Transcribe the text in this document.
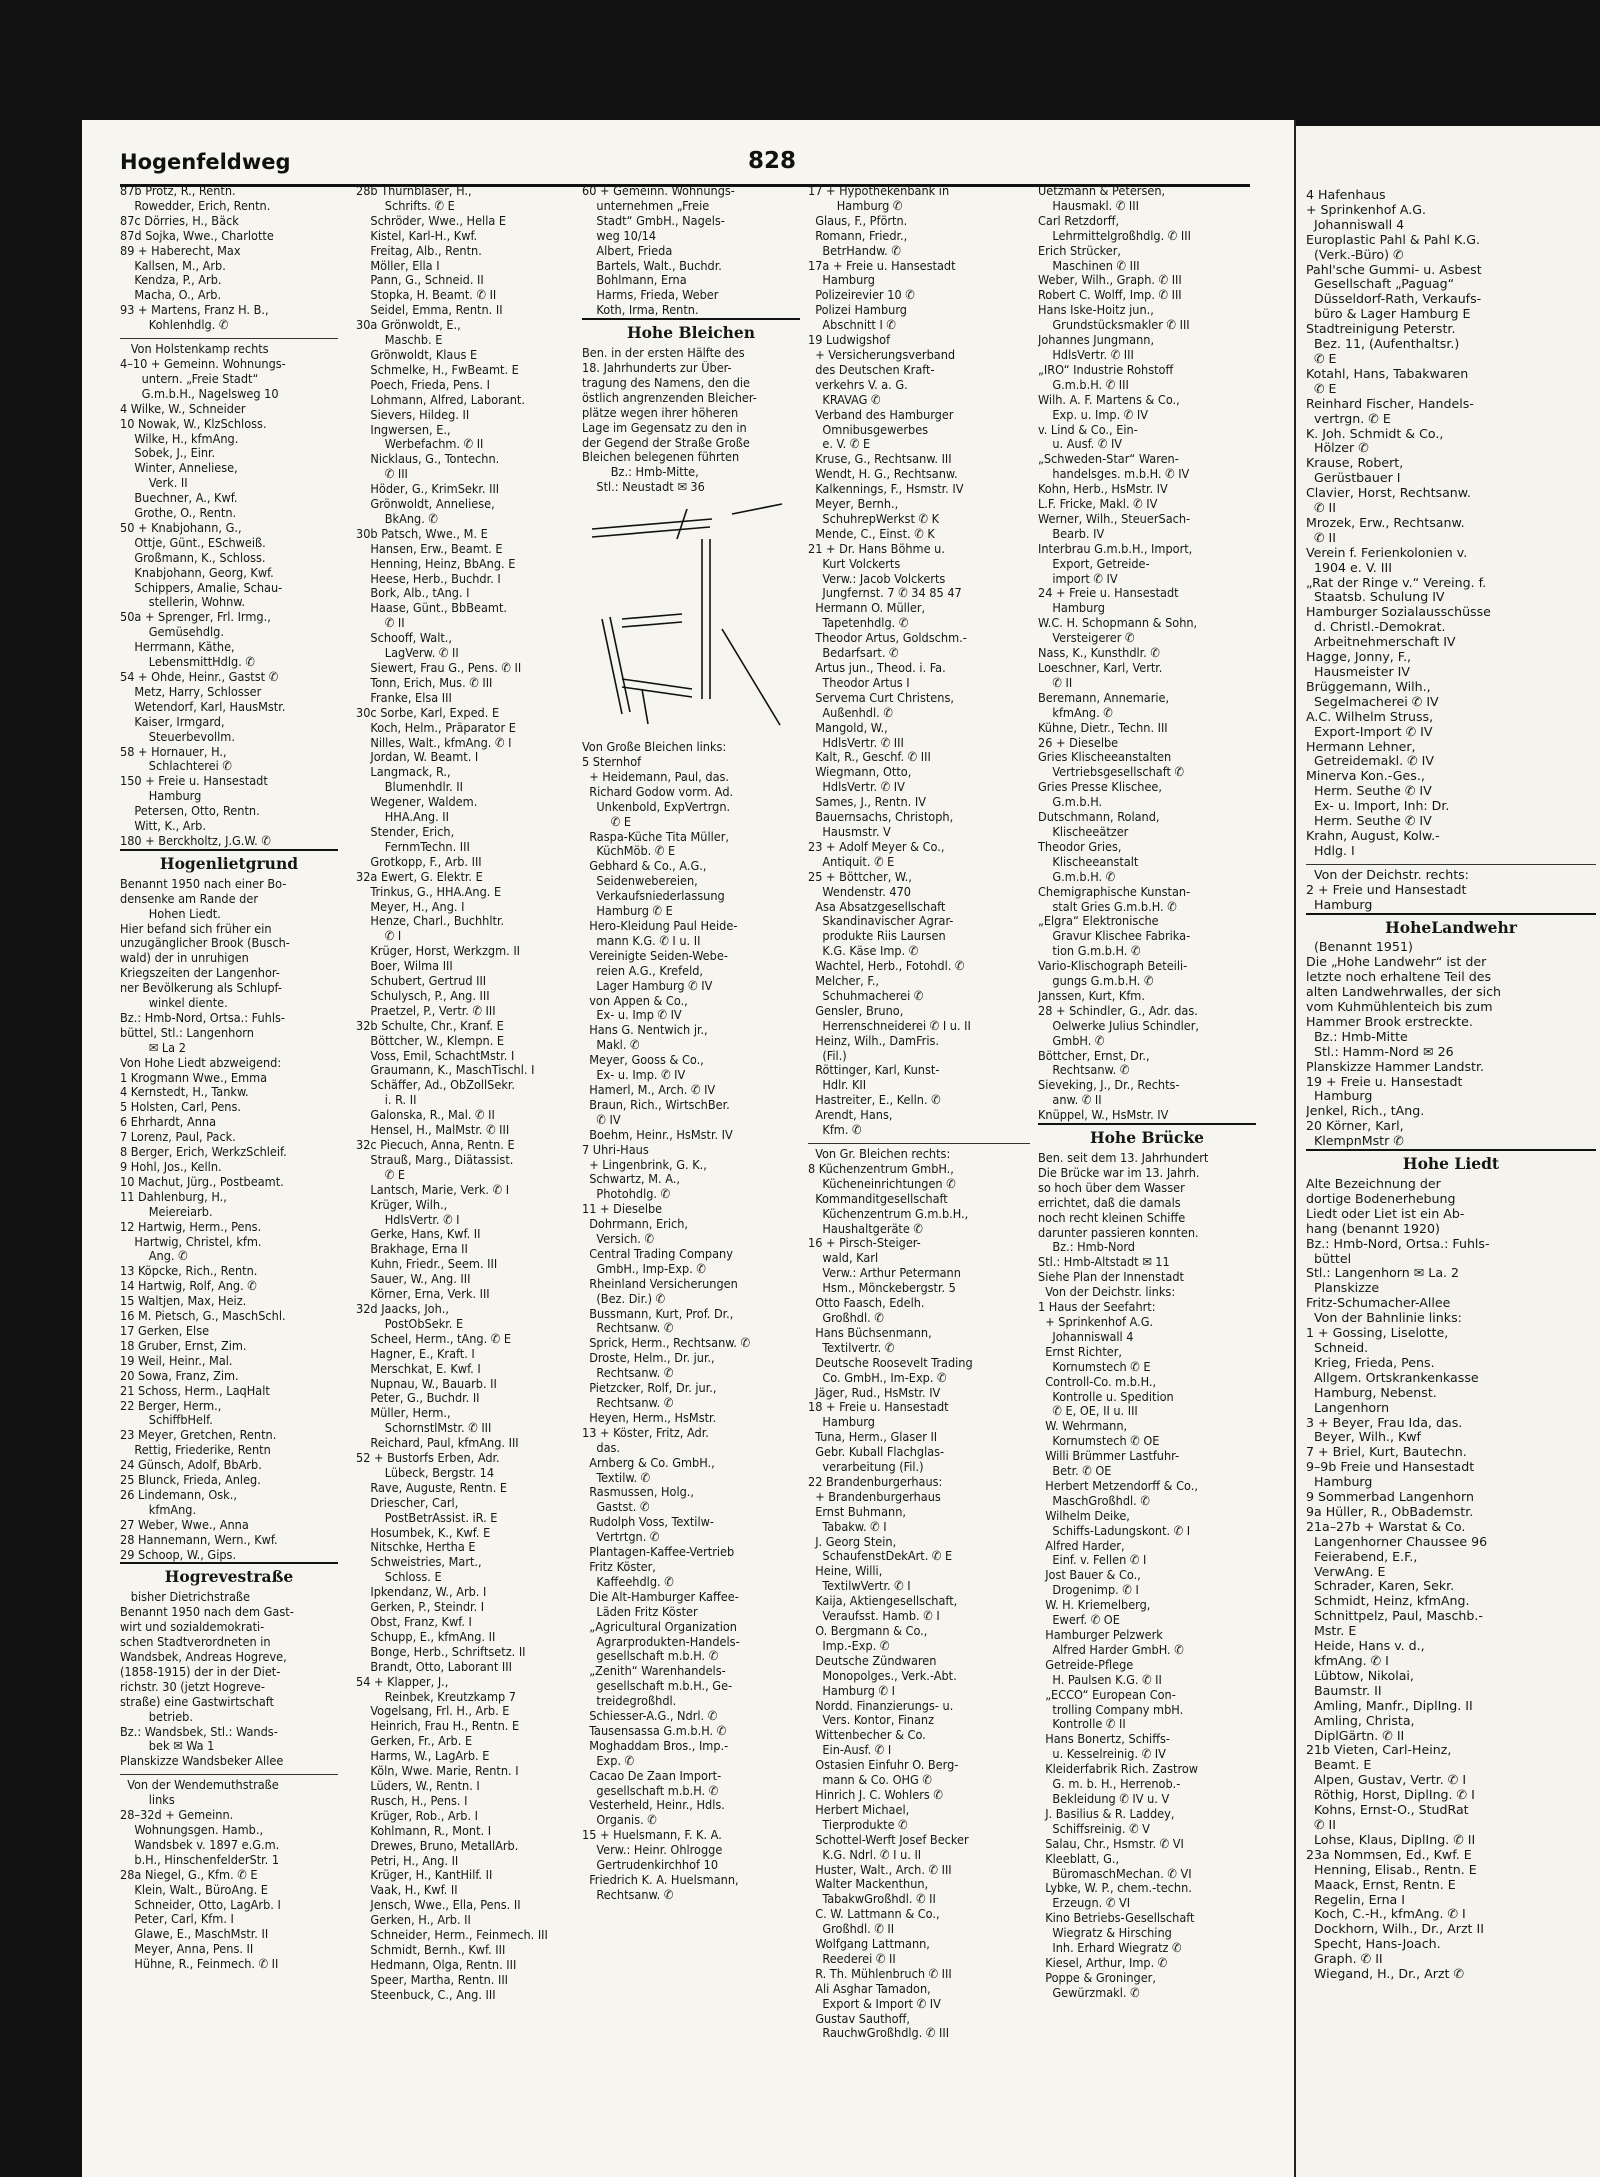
Hogenfeldweg	828

87b Protz, R., Rentn.

Rowedder, Erich, Rentn.

87c Dörries, H., Bäck

87d Sojka, Wwe., Charlotte

89 + Haberecht, Max

Kallsen, M., Arb.

Kendza, P., Arb.

Macha, O., Arb.

93 + Martens, Franz H. B.,

Kohlenhdlg. ✆

Von Holstenkamp rechts

4–10 + Gemeinn. Wohnungs-

untern. „Freie Stadt“

G.m.b.H., Nagelsweg 10

4 Wilke, W., Schneider

10 Nowak, W., KlzSchloss.

Wilke, H., kfmAng.

Sobek, J., Einr.

Winter, Anneliese,

Verk. II

Buechner, A., Kwf.

Grothe, O., Rentn.

50 + Knabjohann, G.,

Ottje, Günt., ESchweiß.

Großmann, K., Schloss.

Knabjohann, Georg, Kwf.

Schippers, Amalie, Schau-

stellerin, Wohnw.

50a + Sprenger, Frl. Irmg.,

Gemüsehdlg.

Herrmann, Käthe,

LebensmittHdlg. ✆

54 + Ohde, Heinr., Gastst ✆

Metz, Harry, Schlosser

Wetendorf, Karl, HausMstr.

Kaiser, Irmgard,

Steuerbevollm.

58 + Hornauer, H.,

Schlachterei ✆

150 + Freie u. Hansestadt

Hamburg

Petersen, Otto, Rentn.

Witt, K., Arb.

180 + Berckholtz, J.G.W. ✆

Hogenlietgrund

Benannt 1950 nach einer Bo-

densenke am Rande der

Hohen Liedt.

Hier befand sich früher ein

unzugänglicher Brook (Busch-

wald) der in unruhigen

Kriegszeiten der Langenhor-

ner Bevölkerung als Schlupf-

winkel diente.

Bz.: Hmb-Nord, Ortsa.: Fuhls-

büttel, Stl.: Langenhorn

✉ La 2

Von Hohe Liedt abzweigend:

1 Krogmann Wwe., Emma

4 Kernstedt, H., Tankw.

5 Holsten, Carl, Pens.

6 Ehrhardt, Anna

7 Lorenz, Paul, Pack.

8 Berger, Erich, WerkzSchleif.

9 Hohl, Jos., Kelln.

10 Machut, Jürg., Postbeamt.

11 Dahlenburg, H.,

Meiereiarb.

12 Hartwig, Herm., Pens.

Hartwig, Christel, kfm.

Ang. ✆

13 Köpcke, Rich., Rentn.

14 Hartwig, Rolf, Ang. ✆

15 Waltjen, Max, Heiz.

16 M. Pietsch, G., MaschSchl.

17 Gerken, Else

18 Gruber, Ernst, Zim.

19 Weil, Heinr., Mal.

20 Sowa, Franz, Zim.

21 Schoss, Herm., LaqHalt

22 Berger, Herm.,

SchiffbHelf.

23 Meyer, Gretchen, Rentn.

Rettig, Friederike, Rentn

24 Günsch, Adolf, BbArb.

25 Blunck, Frieda, Anleg.

26 Lindemann, Osk.,

kfmAng.

27 Weber, Wwe., Anna

28 Hannemann, Wern., Kwf.

29 Schoop, W., Gips.

Hogrevestraße

bisher Dietrichstraße

Benannt 1950 nach dem Gast-

wirt und sozialdemokrati-

schen Stadtverordneten in

Wandsbek, Andreas Hogreve,

(1858-1915) der in der Diet-

richstr. 30 (jetzt Hogreve-

straße) eine Gastwirtschaft

betrieb.

Bz.: Wandsbek, Stl.: Wands-

bek ✉ Wa 1

Planskizze Wandsbeker Allee

Von der Wendemuthstraße

links

28–32d + Gemeinn.

Wohnungsgen. Hamb.,

Wandsbek v. 1897 e.G.m.

b.H., HinschenfelderStr. 1

28a Niegel, G., Kfm. ✆ E

Klein, Walt., BüroAng. E

Schneider, Otto, LagArb. I

Peter, Carl, Kfm. I

Glawe, E., MaschMstr. II

Meyer, Anna, Pens. II

Hühne, R., Feinmech. ✆ II

28b Thurnbläser, H.,

Schrifts. ✆ E

Schröder, Wwe., Hella E

Kistel, Karl-H., Kwf.

Freitag, Alb., Rentn.

Möller, Ella I

Pann, G., Schneid. II

Stopka, H. Beamt. ✆ II

Seidel, Emma, Rentn. II

30a Grönwoldt, E.,

Maschb. E

Grönwoldt, Klaus E

Schmelke, H., FwBeamt. E

Poech, Frieda, Pens. I

Lohmann, Alfred, Laborant.

Sievers, Hildeg. II

Ingwersen, E.,

Werbefachm. ✆ II

Nicklaus, G., Tontechn.

✆ III

Höder, G., KrimSekr. III

Grönwoldt, Anneliese,

BkAng. ✆

30b Patsch, Wwe., M. E

Hansen, Erw., Beamt. E

Henning, Heinz, BbAng. E

Heese, Herb., Buchdr. I

Bork, Alb., tAng. I

Haase, Günt., BbBeamt.

✆ II

Schooff, Walt.,

LagVerw. ✆ II

Siewert, Frau G., Pens. ✆ II

Tonn, Erich, Mus. ✆ III

Franke, Elsa III

30c Sorbe, Karl, Exped. E

Koch, Helm., Präparator E

Nilles, Walt., kfmAng. ✆ I

Jordan, W. Beamt. I

Langmack, R.,

Blumenhdlr. II

Wegener, Waldem.

HHA.Ang. II

Stender, Erich,

FernmTechn. III

Grotkopp, F., Arb. III

32a Ewert, G. Elektr. E

Trinkus, G., HHA.Ang. E

Meyer, H., Ang. I

Henze, Charl., Buchhltr.

✆ I

Krüger, Horst, Werkzgm. II

Boer, Wilma III

Schubert, Gertrud III

Schulysch, P., Ang. III

Praetzel, P., Vertr. ✆ III

32b Schulte, Chr., Kranf. E

Böttcher, W., Klempn. E

Voss, Emil, SchachtMstr. I

Graumann, K., MaschTischl. I

Schäffer, Ad., ObZollSekr.

i. R. II

Galonska, R., Mal. ✆ II

Hensel, H., MalMstr. ✆ III

32c Piecuch, Anna, Rentn. E

Strauß, Marg., Diätassist.

✆ E

Lantsch, Marie, Verk. ✆ I

Krüger, Wilh.,

HdlsVertr. ✆ I

Gerke, Hans, Kwf. II

Brakhage, Erna II

Kuhn, Friedr., Seem. III

Sauer, W., Ang. III

Körner, Erna, Verk. III

32d Jaacks, Joh.,

PostObSekr. E

Scheel, Herm., tAng. ✆ E

Hagner, E., Kraft. I

Merschkat, E. Kwf. I

Nupnau, W., Bauarb. II

Peter, G., Buchdr. II

Müller, Herm.,

SchornstlMstr. ✆ III

Reichard, Paul, kfmAng. III

52 + Bustorfs Erben, Adr.

Lübeck, Bergstr. 14

Rave, Auguste, Rentn. E

Driescher, Carl,

PostBetrAssist. iR. E

Hosumbek, K., Kwf. E

Nitschke, Hertha E

Schweistries, Mart.,

Schloss. E

Ipkendanz, W., Arb. I

Gerken, P., Steindr. I

Obst, Franz, Kwf. I

Schupp, E., kfmAng. II

Bonge, Herb., Schriftsetz. II

Brandt, Otto, Laborant III

54 + Klapper, J.,

Reinbek, Kreutzkamp 7

Vogelsang, Frl. H., Arb. E

Heinrich, Frau H., Rentn. E

Gerken, Fr., Arb. E

Harms, W., LagArb. E

Köln, Wwe. Marie, Rentn. I

Lüders, W., Rentn. I

Rusch, H., Pens. I

Krüger, Rob., Arb. I

Kohlmann, R., Mont. I

Drewes, Bruno, MetallArb.

Petri, H., Ang. II

Krüger, H., KantHilf. II

Vaak, H., Kwf. II

Jensch, Wwe., Ella, Pens. II

Gerken, H., Arb. II

Schneider, Herm., Feinmech. III

Schmidt, Bernh., Kwf. III

Hedmann, Olga, Rentn. III

Speer, Martha, Rentn. III

Steenbuck, C., Ang. III

60 + Gemeinn. Wohnungs-

unternehmen „Freie

Stadt“ GmbH., Nagels-

weg 10/14

Albert, Frieda

Bartels, Walt., Buchdr.

Bohlmann, Erna

Harms, Frieda, Weber

Koth, Irma, Rentn.

Hohe Bleichen

Ben. in der ersten Hälfte des

18. Jahrhunderts zur Über-

tragung des Namens, den die

östlich angrenzenden Bleicher-

plätze wegen ihrer höheren

Lage im Gegensatz zu den in

der Gegend der Straße Große

Bleichen belegenen führten

Bz.: Hmb-Mitte,

Stl.: Neustadt ✉ 36

Von Große Bleichen links:

5 Sternhof

+ Heidemann, Paul, das.

Richard Godow vorm. Ad.

Unkenbold, ExpVertrgn.

✆ E

Raspa-Küche Tita Müller,

KüchMöb. ✆ E

Gebhard & Co., A.G.,

Seidenwebereien,

Verkaufsniederlassung

Hamburg ✆ E

Hero-Kleidung Paul Heide-

mann K.G. ✆ I u. II

Vereinigte Seiden-Webe-

reien A.G., Krefeld,

Lager Hamburg ✆ IV

von Appen & Co.,

Ex- u. Imp ✆ IV

Hans G. Nentwich jr.,

Makl. ✆

Meyer, Gooss & Co.,

Ex- u. Imp. ✆ IV

Hamerl, M., Arch. ✆ IV

Braun, Rich., WirtschBer.

✆ IV

Boehm, Heinr., HsMstr. IV

7 Uhri-Haus

+ Lingenbrink, G. K.,

Schwartz, M. A.,

Photohdlg. ✆

11 + Dieselbe

Dohrmann, Erich,

Versich. ✆

Central Trading Company

GmbH., Imp-Exp. ✆

Rheinland Versicherungen

(Bez. Dir.) ✆

Bussmann, Kurt, Prof. Dr.,

Rechtsanw. ✆

Sprick, Herm., Rechtsanw. ✆

Droste, Helm., Dr. jur.,

Rechtsanw. ✆

Pietzcker, Rolf, Dr. jur.,

Rechtsanw. ✆

Heyen, Herm., HsMstr.

13 + Köster, Fritz, Adr.

das.

Arnberg & Co. GmbH.,

Textilw. ✆

Rasmussen, Holg.,

Gastst. ✆

Rudolph Voss, Textilw-

Vertrtgn. ✆

Plantagen-Kaffee-Vertrieb

Fritz Köster,

Kaffeehdlg. ✆

Die Alt-Hamburger Kaffee-

Läden Fritz Köster

„Agricultural Organization

Agrarprodukten-Handels-

gesellschaft m.b.H. ✆

„Zenith“ Warenhandels-

gesellschaft m.b.H., Ge-

treidegroßhdl.

Schiesser-A.G., Ndrl. ✆

Tausensassa G.m.b.H. ✆

Moghaddam Bros., Imp.-

Exp. ✆

Cacao De Zaan Import-

gesellschaft m.b.H. ✆

Vesterheld, Heinr., Hdls.

Organis. ✆

15 + Huelsmann, F. K. A.

Verw.: Heinr. Ohlrogge

Gertrudenkirchhof 10

Friedrich K. A. Huelsmann,

Rechtsanw. ✆

17 + Hypothekenbank in

Hamburg ✆

Glaus, F., Pförtn.

Romann, Friedr.,

BetrHandw. ✆

17a + Freie u. Hansestadt

Hamburg

Polizeirevier 10 ✆

Polizei Hamburg

Abschnitt I ✆

19 Ludwigshof

+ Versicherungsverband

des Deutschen Kraft-

verkehrs V. a. G.

KRAVAG ✆

Verband des Hamburger

Omnibusgewerbes

e. V. ✆ E

Kruse, G., Rechtsanw. III

Wendt, H. G., Rechtsanw.

Kalkennings, F., Hsmstr. IV

Meyer, Bernh.,

SchuhrepWerkst ✆ K

Mende, C., Einst. ✆ K

21 + Dr. Hans Böhme u.

Kurt Volckerts

Verw.: Jacob Volckerts

Jungfernst. 7 ✆ 34 85 47

Hermann O. Müller,

Tapetenhdlg. ✆

Theodor Artus, Goldschm.-

Bedarfsart. ✆

Artus jun., Theod. i. Fa.

Theodor Artus I

Servema Curt Christens,

Außenhdl. ✆

Mangold, W.,

HdlsVertr. ✆ III

Kalt, R., Geschf. ✆ III

Wiegmann, Otto,

HdlsVertr. ✆ IV

Sames, J., Rentn. IV

Bauernsachs, Christoph,

Hausmstr. V

23 + Adolf Meyer & Co.,

Antiquit. ✆ E

25 + Böttcher, W.,

Wendenstr. 470

Asa Absatzgesellschaft

Skandinavischer Agrar-

produkte Riis Laursen

K.G. Käse Imp. ✆

Wachtel, Herb., Fotohdl. ✆

Melcher, F.,

Schuhmacherei ✆

Gensler, Bruno,

Herrenschneiderei ✆ I u. II

Heinz, Wilh., DamFris.

(Fil.)

Röttinger, Karl, Kunst-

Hdlr. KII

Hastreiter, E., Kelln. ✆

Arendt, Hans,

Kfm. ✆

Von Gr. Bleichen rechts:

8 Küchenzentrum GmbH.,

Kücheneinrichtungen ✆

Kommanditgesellschaft

Küchenzentrum G.m.b.H.,

Haushaltgeräte ✆

16 + Pirsch-Steiger-

wald, Karl

Verw.: Arthur Petermann

Hsm., Mönckebergstr. 5

Otto Faasch, Edelh.

Großhdl. ✆

Hans Büchsenmann,

Textilvertr. ✆

Deutsche Roosevelt Trading

Co. GmbH., Im-Exp. ✆

Jäger, Rud., HsMstr. IV

18 + Freie u. Hansestadt

Hamburg

Tuna, Herm., Glaser II

Gebr. Kuball Flachglas-

verarbeitung (Fil.)

22 Brandenburgerhaus:

+ Brandenburgerhaus

Ernst Buhmann,

Tabakw. ✆ I

J. Georg Stein,

SchaufenstDekArt. ✆ E

Heine, Willi,

TextilwVertr. ✆ I

Kaija, Aktiengesellschaft,

Veraufsst. Hamb. ✆ I

O. Bergmann & Co.,

Imp.-Exp. ✆

Deutsche Zündwaren

Monopolges., Verk.-Abt.

Hamburg ✆ I

Nordd. Finanzierungs- u.

Vers. Kontor, Finanz

Wittenbecher & Co.

Ein-Ausf. ✆ I

Ostasien Einfuhr O. Berg-

mann & Co. OHG ✆

Hinrich J. C. Wohlers ✆

Herbert Michael,

Tierprodukte ✆

Schottel-Werft Josef Becker

K.G. Ndrl. ✆ I u. II

Huster, Walt., Arch. ✆ III

Walter Mackenthun,

TabakwGroßhdl. ✆ II

C. W. Lattmann & Co.,

Großhdl. ✆ II

Wolfgang Lattmann,

Reederei ✆ II

R. Th. Mühlenbruch ✆ III

Ali Asghar Tamadon,

Export & Import ✆ IV

Gustav Sauthoff,

RauchwGroßhdlg. ✆ III

Uetzmann & Petersen,

Hausmakl. ✆ III

Carl Retzdorff,

Lehrmittelgroßhdlg. ✆ III

Erich Strücker,

Maschinen ✆ III

Weber, Wilh., Graph. ✆ III

Robert C. Wolff, Imp. ✆ III

Hans Iske-Hoitz jun.,

Grundstücksmakler ✆ III

Johannes Jungmann,

HdlsVertr. ✆ III

„IRO“ Industrie Rohstoff

G.m.b.H. ✆ III

Wilh. A. F. Martens & Co.,

Exp. u. Imp. ✆ IV

v. Lind & Co., Ein-

u. Ausf. ✆ IV

„Schweden-Star“ Waren-

handelsges. m.b.H. ✆ IV

Kohn, Herb., HsMstr. IV

L.F. Fricke, Makl. ✆ IV

Werner, Wilh., SteuerSach-

Bearb. IV

Interbrau G.m.b.H., Import,

Export, Getreide-

import ✆ IV

24 + Freie u. Hansestadt

Hamburg

W.C. H. Schopmann & Sohn,

Versteigerer ✆

Nass, K., Kunsthdlr. ✆

Loeschner, Karl, Vertr.

✆ II

Beremann, Annemarie,

kfmAng. ✆

Kühne, Dietr., Techn. III

26 + Dieselbe

Gries Klischeeanstalten

Vertriebsgesellschaft ✆

Gries Presse Klischee,

G.m.b.H.

Dutschmann, Roland,

Klischeeätzer

Theodor Gries,

Klischeeanstalt

G.m.b.H. ✆

Chemigraphische Kunstan-

stalt Gries G.m.b.H. ✆

„Elgra“ Elektronische

Gravur Klischee Fabrika-

tion G.m.b.H. ✆

Vario-Klischograph Beteili-

gungs G.m.b.H. ✆

Janssen, Kurt, Kfm.

28 + Schindler, G., Adr. das.

Oelwerke Julius Schindler,

GmbH. ✆

Böttcher, Ernst, Dr.,

Rechtsanw. ✆

Sieveking, J., Dr., Rechts-

anw. ✆ II

Knüppel, W., HsMstr. IV

Hohe Brücke

Ben. seit dem 13. Jahrhundert

Die Brücke war im 13. Jahrh.

so hoch über dem Wasser

errichtet, daß die damals

noch recht kleinen Schiffe

darunter passieren konnten.

Bz.: Hmb-Nord

Stl.: Hmb-Altstadt ✉ 11

Siehe Plan der Innenstadt

Von der Deichstr. links:

1 Haus der Seefahrt:

+ Sprinkenhof A.G.

Johanniswall 4

Ernst Richter,

Kornumstech ✆ E

Controll-Co. m.b.H.,

Kontrolle u. Spedition

✆ E, OE, II u. III

W. Wehrmann,

Kornumstech ✆ OE

Willi Brümmer Lastfuhr-

Betr. ✆ OE

Herbert Metzendorff & Co.,

MaschGroßhdl. ✆

Wilhelm Deike,

Schiffs-Ladungskont. ✆ I

Alfred Harder,

Einf. v. Fellen ✆ I

Jost Bauer & Co.,

Drogenimp. ✆ I

W. H. Kriemelberg,

Ewerf. ✆ OE

Hamburger Pelzwerk

Alfred Harder GmbH. ✆

Getreide-Pflege

H. Paulsen K.G. ✆ II

„ECCO“ European Con-

trolling Company mbH.

Kontrolle ✆ II

Hans Bonertz, Schiffs-

u. Kesselreinig. ✆ IV

Kleiderfabrik Rich. Zastrow

G. m. b. H., Herrenob.-

Bekleidung ✆ IV u. V

J. Basilius & R. Laddey,

Schiffsreinig. ✆ V

Salau, Chr., Hsmstr. ✆ VI

Kleeblatt, G.,

BüromaschMechan. ✆ VI

Lybke, W. P., chem.-techn.

Erzeugn. ✆ VI

Kino Betriebs-Gesellschaft

Wiegratz & Hirsching

Inh. Erhard Wiegratz ✆

Kiesel, Arthur, Imp. ✆

Poppe & Groninger,

Gewürzmakl. ✆

4 Hafenhaus

+ Sprinkenhof A.G.

Johanniswall 4

Europlastic Pahl & Pahl K.G.

(Verk.-Büro) ✆

Pahl'sche Gummi- u. Asbest

Gesellschaft „Paguag“

Düsseldorf-Rath, Verkaufs-

büro & Lager Hamburg E

Stadtreinigung Peterstr.

Bez. 11, (Aufenthaltsr.)

✆ E

Kotahl, Hans, Tabakwaren

✆ E

Reinhard Fischer, Handels-

vertrgn. ✆ E

K. Joh. Schmidt & Co.,

Hölzer ✆

Krause, Robert,

Gerüstbauer I

Clavier, Horst, Rechtsanw.

✆ II

Mrozek, Erw., Rechtsanw.

✆ II

Verein f. Ferienkolonien v.

1904 e. V. III

„Rat der Ringe v.“ Vereing. f.

Staatsb. Schulung IV

Hamburger Sozialausschüsse

d. Christl.-Demokrat.

Arbeitnehmerschaft IV

Hagge, Jonny, F.,

Hausmeister IV

Brüggemann, Wilh.,

Segelmacherei ✆ IV

A.C. Wilhelm Struss,

Export-Import ✆ IV

Hermann Lehner,

Getreidemakl. ✆ IV

Minerva Kon.-Ges.,

Herm. Seuthe ✆ IV

Ex- u. Import, Inh: Dr.

Herm. Seuthe ✆ IV

Krahn, August, Kolw.-

Hdlg. I

Von der Deichstr. rechts:

2 + Freie und Hansestadt

Hamburg

HoheLandwehr

(Benannt 1951)

Die „Hohe Landwehr“ ist der

letzte noch erhaltene Teil des

alten Landwehrwalles, der sich

vom Kuhmühlenteich bis zum

Hammer Brook erstreckte.

Bz.: Hmb-Mitte

Stl.: Hamm-Nord ✉ 26

Planskizze Hammer Landstr.

19 + Freie u. Hansestadt

Hamburg

Jenkel, Rich., tAng.

20 Körner, Karl,

KlempnMstr ✆

Hohe Liedt

Alte Bezeichnung der

dortige Bodenerhebung

Liedt oder Liet ist ein Ab-

hang (benannt 1920)

Bz.: Hmb-Nord, Ortsa.: Fuhls-

büttel

Stl.: Langenhorn ✉ La. 2

Planskizze

Fritz-Schumacher-Allee

Von der Bahnlinie links:

1 + Gossing, Liselotte,

Schneid.

Krieg, Frieda, Pens.

Allgem. Ortskrankenkasse

Hamburg, Nebenst.

Langenhorn

3 + Beyer, Frau Ida, das.

Beyer, Wilh., Kwf

7 + Briel, Kurt, Bautechn.

9–9b Freie und Hansestadt

Hamburg

9 Sommerbad Langenhorn

9a Hüller, R., ObBademstr.

21a–27b + Warstat & Co.

Langenhorner Chaussee 96

Feierabend, E.F.,

VerwAng. E

Schrader, Karen, Sekr.

Schmidt, Heinz, kfmAng.

Schnittpelz, Paul, Maschb.-

Mstr. E

Heide, Hans v. d.,

kfmAng. ✆ I

Lübtow, Nikolai,

Baumstr. II

Amling, Manfr., DiplIng. II

Amling, Christa,

DiplGärtn. ✆ II

21b Vieten, Carl-Heinz,

Beamt. E

Alpen, Gustav, Vertr. ✆ I

Röthig, Horst, DiplIng. ✆ I

Kohns, Ernst-O., StudRat

✆ II

Lohse, Klaus, DiplIng. ✆ II

23a Nommsen, Ed., Kwf. E

Henning, Elisab., Rentn. E

Maack, Ernst, Rentn. E

Regelin, Erna I

Koch, C.-H., kfmAng. ✆ I

Dockhorn, Wilh., Dr., Arzt II

Specht, Hans-Joach.

Graph. ✆ II

Wiegand, H., Dr., Arzt ✆
